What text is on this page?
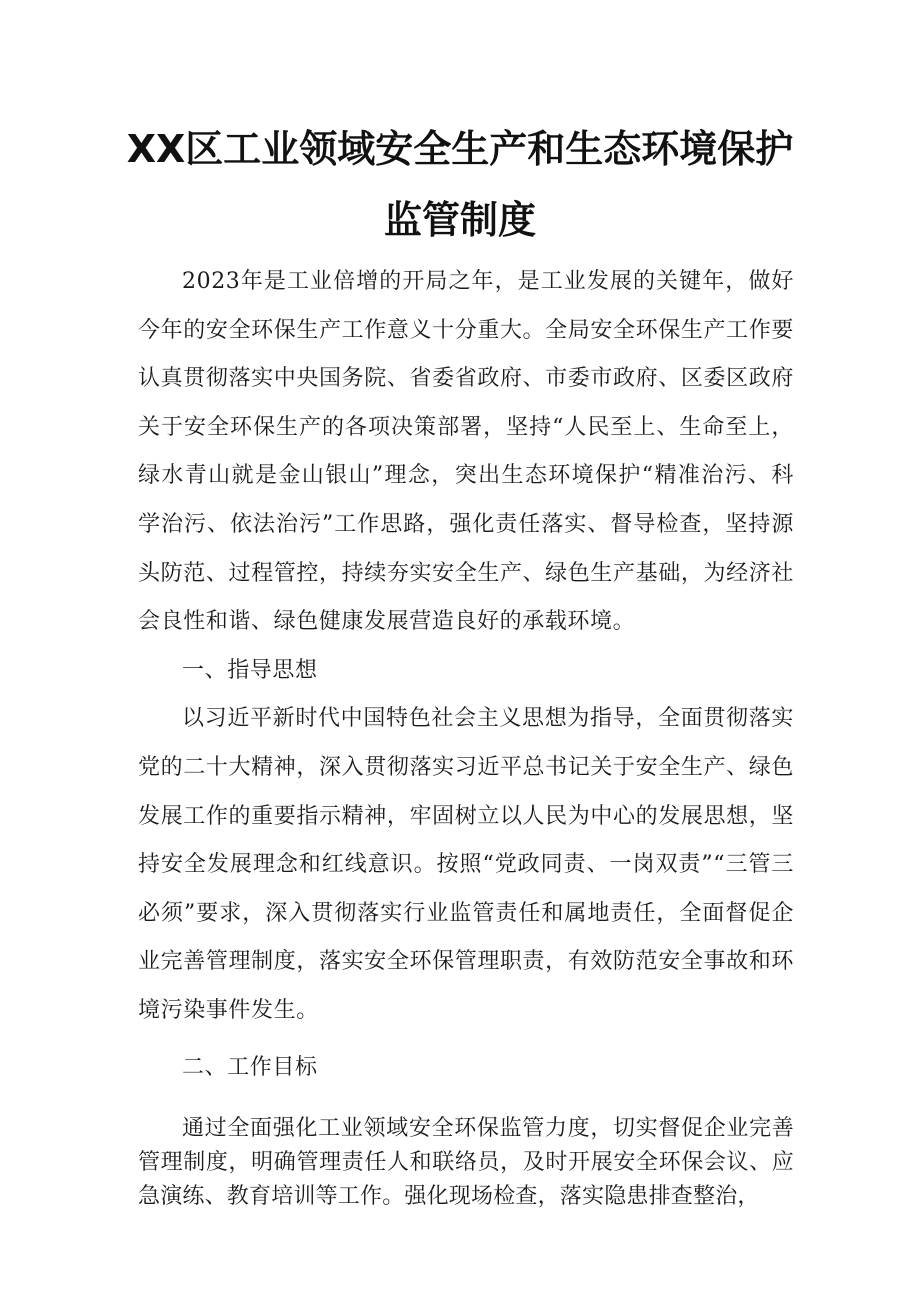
XX区工业领域安全生产和生态环境保护
监管制度

2023年是工业倍增的开局之年，是工业发展的关键年，做好今年的安全环保生产工作意义十分重大。全局安全环保生产工作要认真贯彻落实中央国务院、省委省政府、市委市政府、区委区政府关于安全环保生产的各项决策部署，坚持“人民至上、生命至上，绿水青山就是金山银山”理念，突出生态环境保护“精准治污、科学治污、依法治污”工作思路，强化责任落实、督导检查，坚持源头防范、过程管控，持续夯实安全生产、绿色生产基础，为经济社会良性和谐、绿色健康发展营造良好的承载环境。

一、指导思想

以习近平新时代中国特色社会主义思想为指导，全面贯彻落实党的二十大精神，深入贯彻落实习近平总书记关于安全生产、绿色发展工作的重要指示精神，牢固树立以人民为中心的发展思想，坚持安全发展理念和红线意识。按照“党政同责、一岗双责”“三管三必须”要求，深入贯彻落实行业监管责任和属地责任，全面督促企业完善管理制度，落实安全环保管理职责，有效防范安全事故和环境污染事件发生。

二、工作目标

通过全面强化工业领域安全环保监管力度，切实督促企业完善管理制度，明确管理责任人和联络员，及时开展安全环保会议、应急演练、教育培训等工作。强化现场检查，落实隐患排查整治，
